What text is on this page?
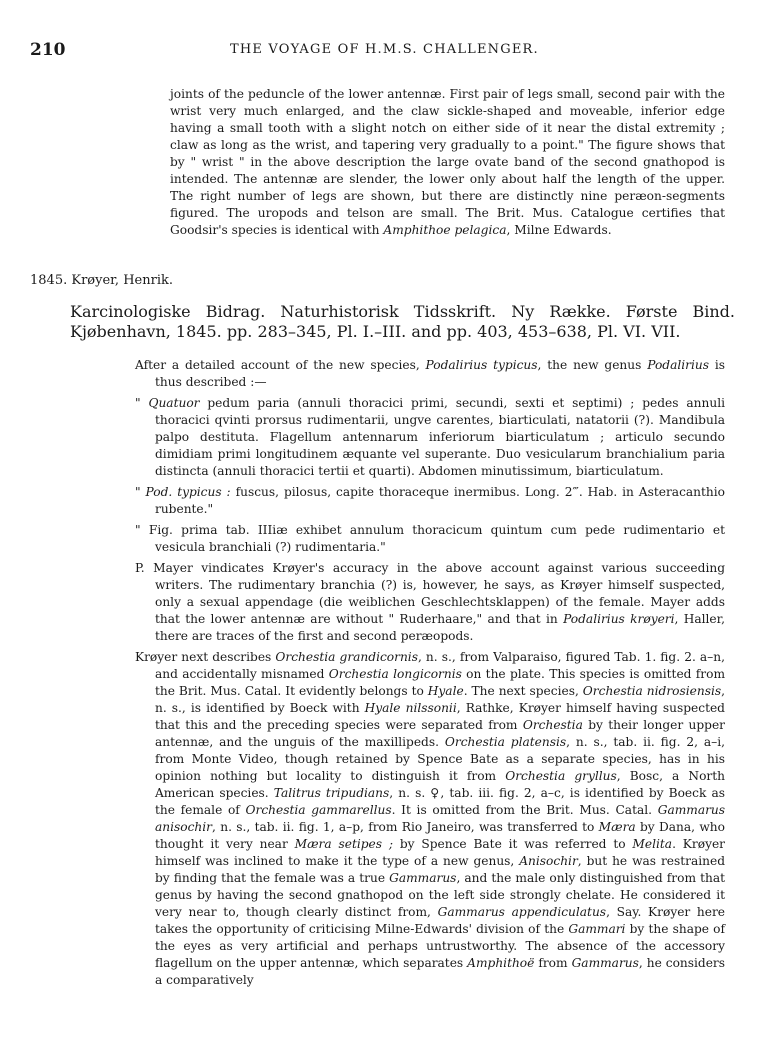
210	THE VOYAGE OF H.M.S. CHALLENGER.

joints of the peduncle of the lower antennæ. First pair of legs small, second pair with the wrist very much enlarged, and the claw sickle-shaped and moveable, inferior edge having a small tooth with a slight notch on either side of it near the distal extremity ; claw as long as the wrist, and tapering very gradually to a point." The figure shows that by " wrist " in the above description the large ovate band of the second gnathopod is intended. The antennæ are slender, the lower only about half the length of the upper. The right number of legs are shown, but there are distinctly nine peræon-segments figured. The uropods and telson are small. The Brit. Mus. Catalogue certifies that Goodsir's species is identical with Amphithoe pelagica, Milne Edwards.

1845. Krøyer, Henrik.
Karcinologiske Bidrag. Naturhistorisk Tidsskrift. Ny Række. Første Bind. Kjøbenhavn, 1845. pp. 283–345, Pl. I.–III. and pp. 403, 453–638, Pl. VI. VII.

After a detailed account of the new species, Podalirius typicus, the new genus Podalirius is thus described :—

" Quatuor pedum paria (annuli thoracici primi, secundi, sexti et septimi) ; pedes annuli thoracici qvinti prorsus rudimentarii, ungve carentes, biarticulati, natatorii (?). Mandibula palpo destituta. Flagellum antennarum inferiorum biarticulatum ; articulo secundo dimidiam primi longitudinem æquante vel superante. Duo vesicularum branchialium paria distincta (annuli thoracici tertii et quarti). Abdomen minutissimum, biarticulatum.

" Pod. typicus : fuscus, pilosus, capite thoraceque inermibus. Long. 2‴. Hab. in Asteracanthio rubente."

" Fig. prima tab. IIIiæ exhibet annulum thoracicum quintum cum pede rudimentario et vesicula branchiali (?) rudimentaria."

P. Mayer vindicates Krøyer's accuracy in the above account against various succeeding writers. The rudimentary branchia (?) is, however, he says, as Krøyer himself suspected, only a sexual appendage (die weiblichen Geschlechtsklappen) of the female. Mayer adds that the lower antennæ are without " Ruderhaare," and that in Podalirius krøyeri, Haller, there are traces of the first and second peræopods.

Krøyer next describes Orchestia grandicornis, n. s., from Valparaiso, figured Tab. 1. fig. 2. a–n, and accidentally misnamed Orchestia longicornis on the plate. This species is omitted from the Brit. Mus. Catal. It evidently belongs to Hyale. The next species, Orchestia nidrosiensis, n. s., is identified by Boeck with Hyale nilssonii, Rathke, Krøyer himself having suspected that this and the preceding species were separated from Orchestia by their longer upper antennæ, and the unguis of the maxillipeds. Orchestia platensis, n. s., tab. ii. fig. 2, a–i, from Monte Video, though retained by Spence Bate as a separate species, has in his opinion nothing but locality to distinguish it from Orchestia gryllus, Bosc, a North American species. Talitrus tripudians, n. s. ♀, tab. iii. fig. 2, a–c, is identified by Boeck as the female of Orchestia gammarellus. It is omitted from the Brit. Mus. Catal. Gammarus anisochir, n. s., tab. ii. fig. 1, a–p, from Rio Janeiro, was transferred to Mæra by Dana, who thought it very near Mæra setipes ; by Spence Bate it was referred to Melita. Krøyer himself was inclined to make it the type of a new genus, Anisochir, but he was restrained by finding that the female was a true Gammarus, and the male only distinguished from that genus by having the second gnathopod on the left side strongly chelate. He considered it very near to, though clearly distinct from, Gammarus appendiculatus, Say. Krøyer here takes the opportunity of criticising Milne-Edwards' division of the Gammari by the shape of the eyes as very artificial and perhaps untrustworthy. The absence of the accessory flagellum on the upper antennæ, which separates Amphithoë from Gammarus, he considers a comparatively
